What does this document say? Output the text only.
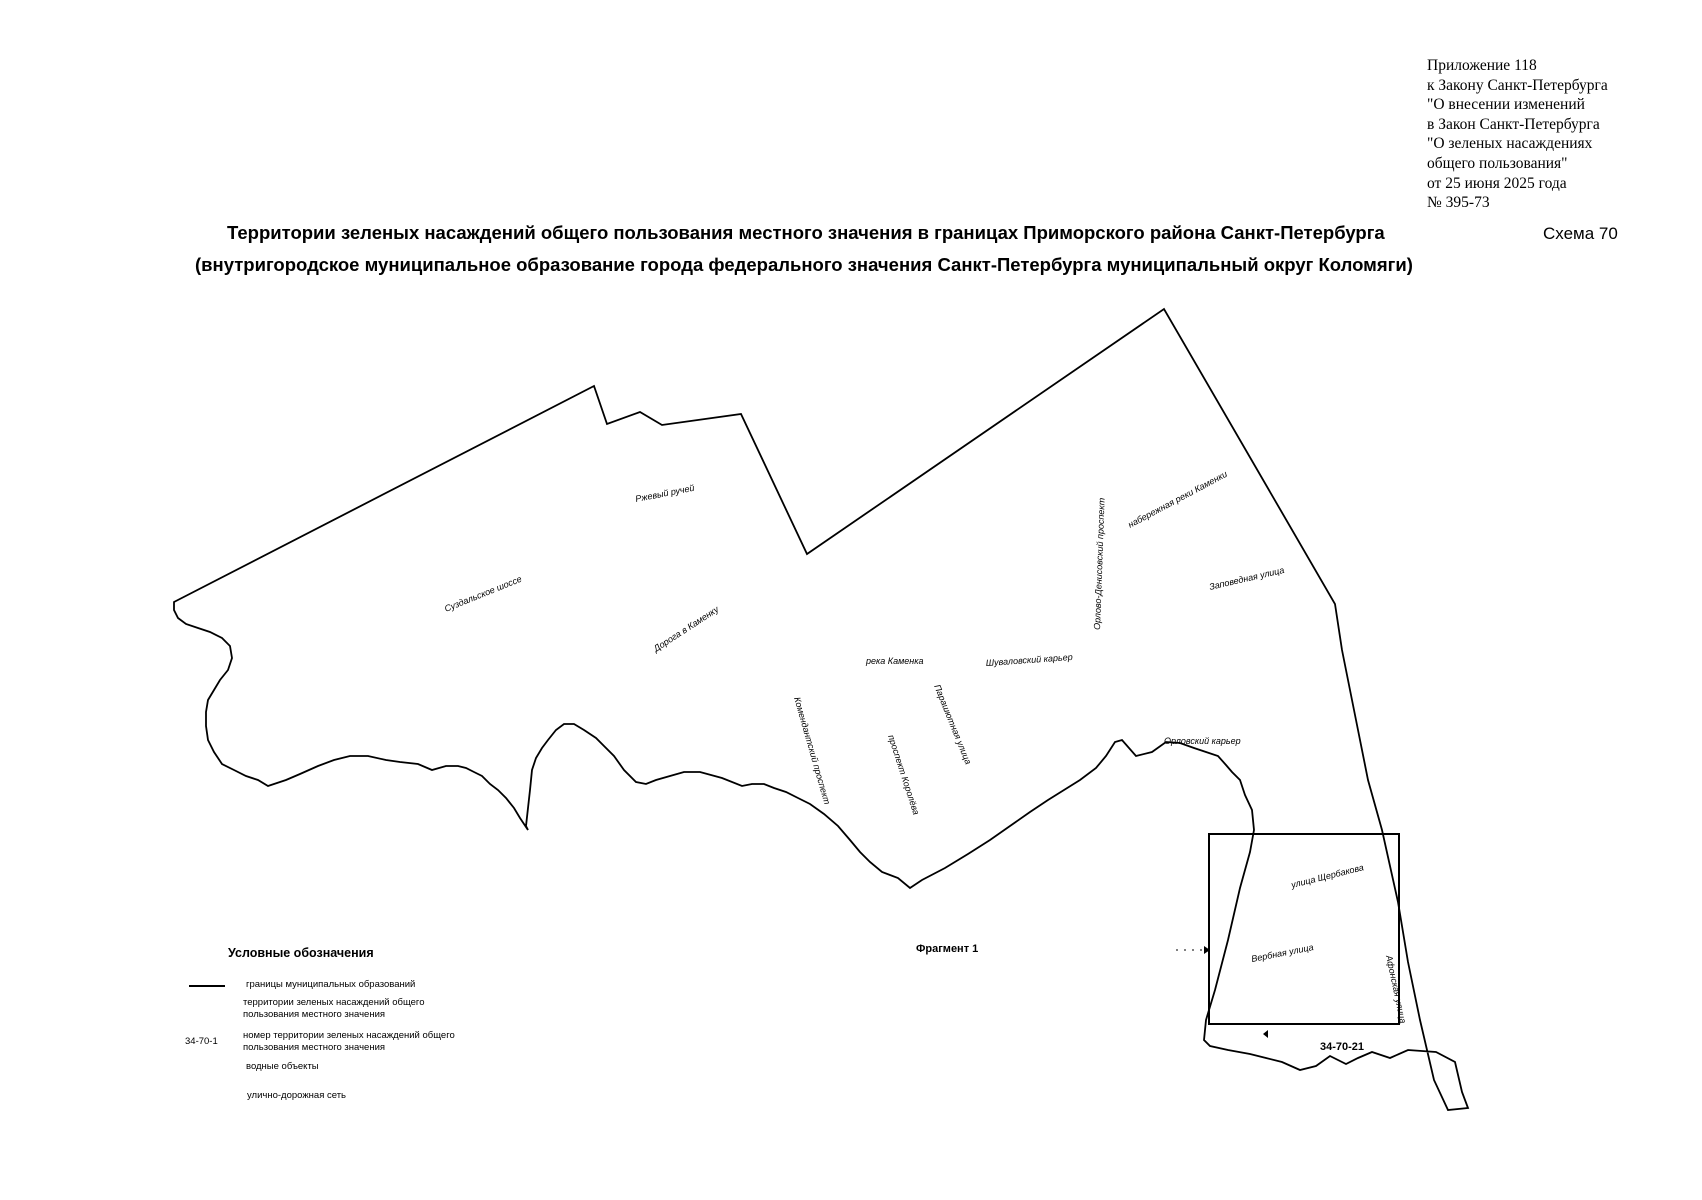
Приложение 118
к Закону Санкт-Петербурга
"О внесении изменений
в Закон Санкт-Петербурга
"О зеленых насаждениях
общего пользования"
от 25 июня 2025 года
№ 395-73
Территории зеленых насаждений общего пользования местного значения в границах Приморского района Санкт-Петербурга
(внутригородское муниципальное образование города федерального значения Санкт-Петербурга муниципальный округ Коломяги)
Схема 70
Ржевый ручей
Суздальское шоссе
Дорога в Каменку
река Каменка	Шуваловский карьер
Орлово-Денисовский проспект набережная реки Каменки
Заповедная улица
Комендантский проспект	проспект Королёва
Парашютная улица	Орловский карьер
улица Щербакова
Вербная улица
Афонская улица
Фрагмент 1
34-70-21
Условные обозначения
границы муниципальных образований
территории зеленых насаждений общего
пользования местного значения
34-70-1
номер территории зеленых насаждений общего
пользования местного значения
водные объекты
улично-дорожная сеть
